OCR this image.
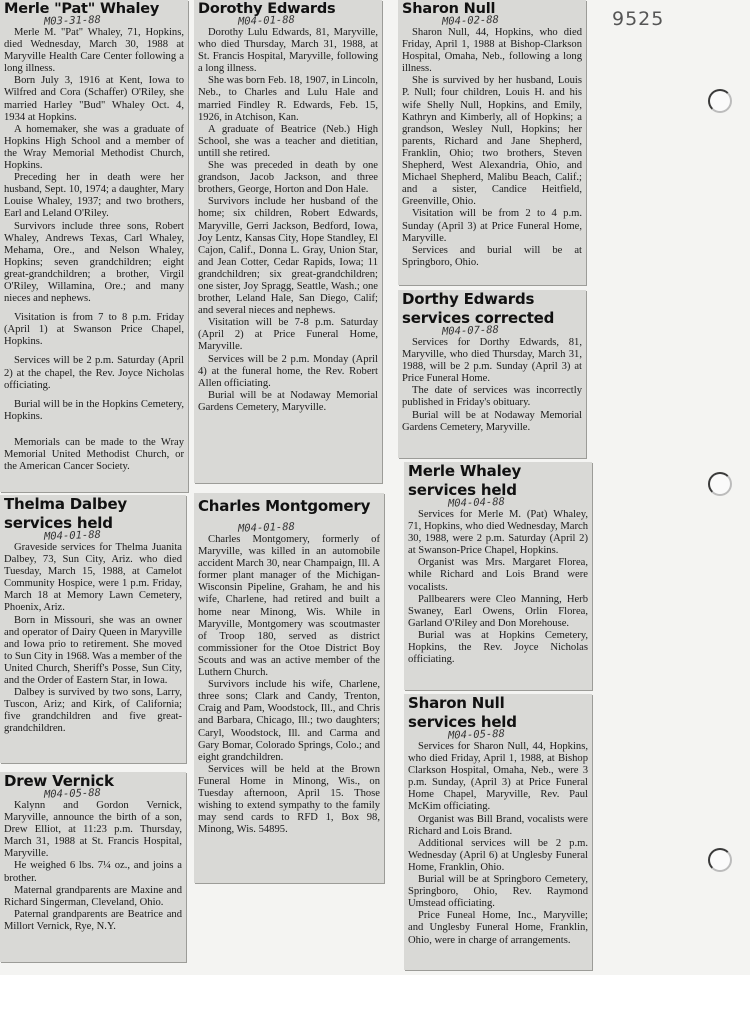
9525
Merle "Pat" Whaley
M03-31-88

Merle M. "Pat" Whaley, 71, Hopkins, died Wednesday, March 30, 1988 at Maryville Health Care Center following a long illness.

Born July 3, 1916 at Kent, Iowa to Wilfred and Cora (Schaffer) O'Riley, she married Harley "Bud" Whaley Oct. 4, 1934 at Hopkins.

A homemaker, she was a graduate of Hopkins High School and a member of the Wray Memorial Methodist Church, Hopkins.

Preceding her in death were her husband, Sept. 10, 1974; a daughter, Mary Louise Whaley, 1937; and two brothers, Earl and Leland O'Riley.

Survivors include three sons, Robert Whaley, Andrews Texas, Carl Whaley, Mehama, Ore., and Nelson Whaley, Hopkins; seven grandchildren; eight great-grandchildren; a brother, Virgil O'Riley, Willamina, Ore.; and many nieces and nephews.

Visitation is from 7 to 8 p.m. Friday (April 1) at Swanson Price Chapel, Hopkins.

Services will be 2 p.m. Saturday (April 2) at the chapel, the Rev. Joyce Nicholas officiating.

Burial will be in the Hopkins Cemetery, Hopkins.

Memorials can be made to the Wray Memorial United Methodist Church, or the American Cancer Society.

Thelma Dalbey
services held
M04-01-88

Graveside services for Thelma Juanita Dalbey, 73, Sun City, Ariz. who died Tuesday, March 15, 1988, at Camelot Community Hospice, were 1 p.m. Friday, March 18 at Memory Lawn Cemetery, Phoenix, Ariz.

Born in Missouri, she was an owner and operator of Dairy Queen in Maryville and Iowa prio to retirement. She moved to Sun City in 1968. Was a member of the United Church, Sheriff's Posse, Sun City, and the Order of Eastern Star, in Iowa.

Dalbey is survived by two sons, Larry, Tuscon, Ariz; and Kirk, of California; five grandchildren and five great-grandchildren.

Drew Vernick
M04-05-88

Kalynn and Gordon Vernick, Maryville, announce the birth of a son, Drew Elliot, at 11:23 p.m. Thursday, March 31, 1988 at St. Francis Hospital, Maryville.

He weighed 6 lbs. 7¼ oz., and joins a brother.

Maternal grandparents are Maxine and Richard Singerman, Cleveland, Ohio.

Paternal grandparents are Beatrice and Millort Vernick, Rye, N.Y.

Dorothy Edwards
M04-01-88

Dorothy Lulu Edwards, 81, Maryville, who died Thursday, March 31, 1988, at St. Francis Hospital, Maryville, following a long illness.

She was born Feb. 18, 1907, in Lincoln, Neb., to Charles and Lulu Hale and married Findley R. Edwards, Feb. 15, 1926, in Atchison, Kan.

A graduate of Beatrice (Neb.) High School, she was a teacher and dietitian, untill she retired.

She was preceded in death by one grandson, Jacob Jackson, and three brothers, George, Horton and Don Hale.

Survivors include her husband of the home; six children, Robert Edwards, Maryville, Gerri Jackson, Bedford, Iowa, Joy Lentz, Kansas City, Hope Standley, El Cajon, Calif., Donna L. Gray, Union Star, and Jean Cotter, Cedar Rapids, Iowa; 11 grandchildren; six great-grandchildren; one sister, Joy Spragg, Seattle, Wash.; one brother, Leland Hale, San Diego, Calif; and several nieces and nephews.

Visitation will be 7-8 p.m. Saturday (April 2) at Price Funeral Home, Maryville.

Services will be 2 p.m. Monday (April 4) at the funeral home, the Rev. Robert Allen officiating.

Burial will be at Nodaway Memorial Gardens Cemetery, Maryville.

Charles Montgomery
M04-01-88

Charles Montgomery, formerly of Maryville, was killed in an automobile accident March 30, near Champaign, Ill. A former plant manager of the Michigan-Wisconsin Pipeline, Graham, he and his wife, Charlene, had retired and built a home near Minong, Wis. While in Maryville, Montgomery was scoutmaster of Troop 180, served as district commissioner for the Otoe District Boy Scouts and was an active member of the Luthern Church.

Survivors include his wife, Charlene, three sons; Clark and Candy, Trenton, Craig and Pam, Woodstock, Ill., and Chris and Barbara, Chicago, Ill.; two daughters; Caryl, Woodstock, Ill. and Carma and Gary Bomar, Colorado Springs, Colo.; and eight grandchildren.

Services will be held at the Brown Funeral Home in Minong, Wis., on Tuesday afternoon, April 15. Those wishing to extend sympathy to the family may send cards to RFD 1, Box 98, Minong, Wis. 54895.

Sharon Null
M04-02-88

Sharon Null, 44, Hopkins, who died Friday, April 1, 1988 at Bishop-Clarkson Hospital, Omaha, Neb., following a long illness.

She is survived by her husband, Louis P. Null; four children, Louis H. and his wife Shelly Null, Hopkins, and Emily, Kathryn and Kimberly, all of Hopkins; a grandson, Wesley Null, Hopkins; her parents, Richard and Jane Shepherd, Franklin, Ohio; two brothers, Steven Shepherd, West Alexandria, Ohio, and Michael Shepherd, Malibu Beach, Calif.; and a sister, Candice Heitfield, Greenville, Ohio.

Visitation will be from 2 to 4 p.m. Sunday (April 3) at Price Funeral Home, Maryville.

Services and burial will be at Springboro, Ohio.

Dorthy Edwards
services corrected
M04-07-88

Services for Dorthy Edwards, 81, Maryville, who died Thursday, March 31, 1988, will be 2 p.m. Sunday (April 3) at Price Funeral Home.

The date of services was incorrectly published in Friday's obituary.

Burial will be at Nodaway Memorial Gardens Cemetery, Maryville.

Merle Whaley
services held
M04-04-88

Services for Merle M. (Pat) Whaley, 71, Hopkins, who died Wednesday, March 30, 1988, were 2 p.m. Saturday (April 2) at Swanson-Price Chapel, Hopkins.

Organist was Mrs. Margaret Florea, while Richard and Lois Brand were vocalists.

Pallbearers were Cleo Manning, Herb Swaney, Earl Owens, Orlin Florea, Garland O'Riley and Don Morehouse.

Burial was at Hopkins Cemetery, Hopkins, the Rev. Joyce Nicholas officiating.

Sharon Null
services held
M04-05-88

Services for Sharon Null, 44, Hopkins, who died Friday, April 1, 1988, at Bishop Clarkson Hospital, Omaha, Neb., were 3 p.m. Sunday, (April 3) at Price Funeral Home Chapel, Maryville, Rev. Paul McKim officiating.

Organist was Bill Brand, vocalists were Richard and Lois Brand.

Additional services will be 2 p.m. Wednesday (April 6) at Unglesby Funeral Home, Franklin, Ohio.

Burial will be at Springboro Cemetery, Springboro, Ohio, Rev. Raymond Umstead officiating.

Price Funeal Home, Inc., Maryville; and Unglesby Funeral Home, Franklin, Ohio, were in charge of arrangements.
